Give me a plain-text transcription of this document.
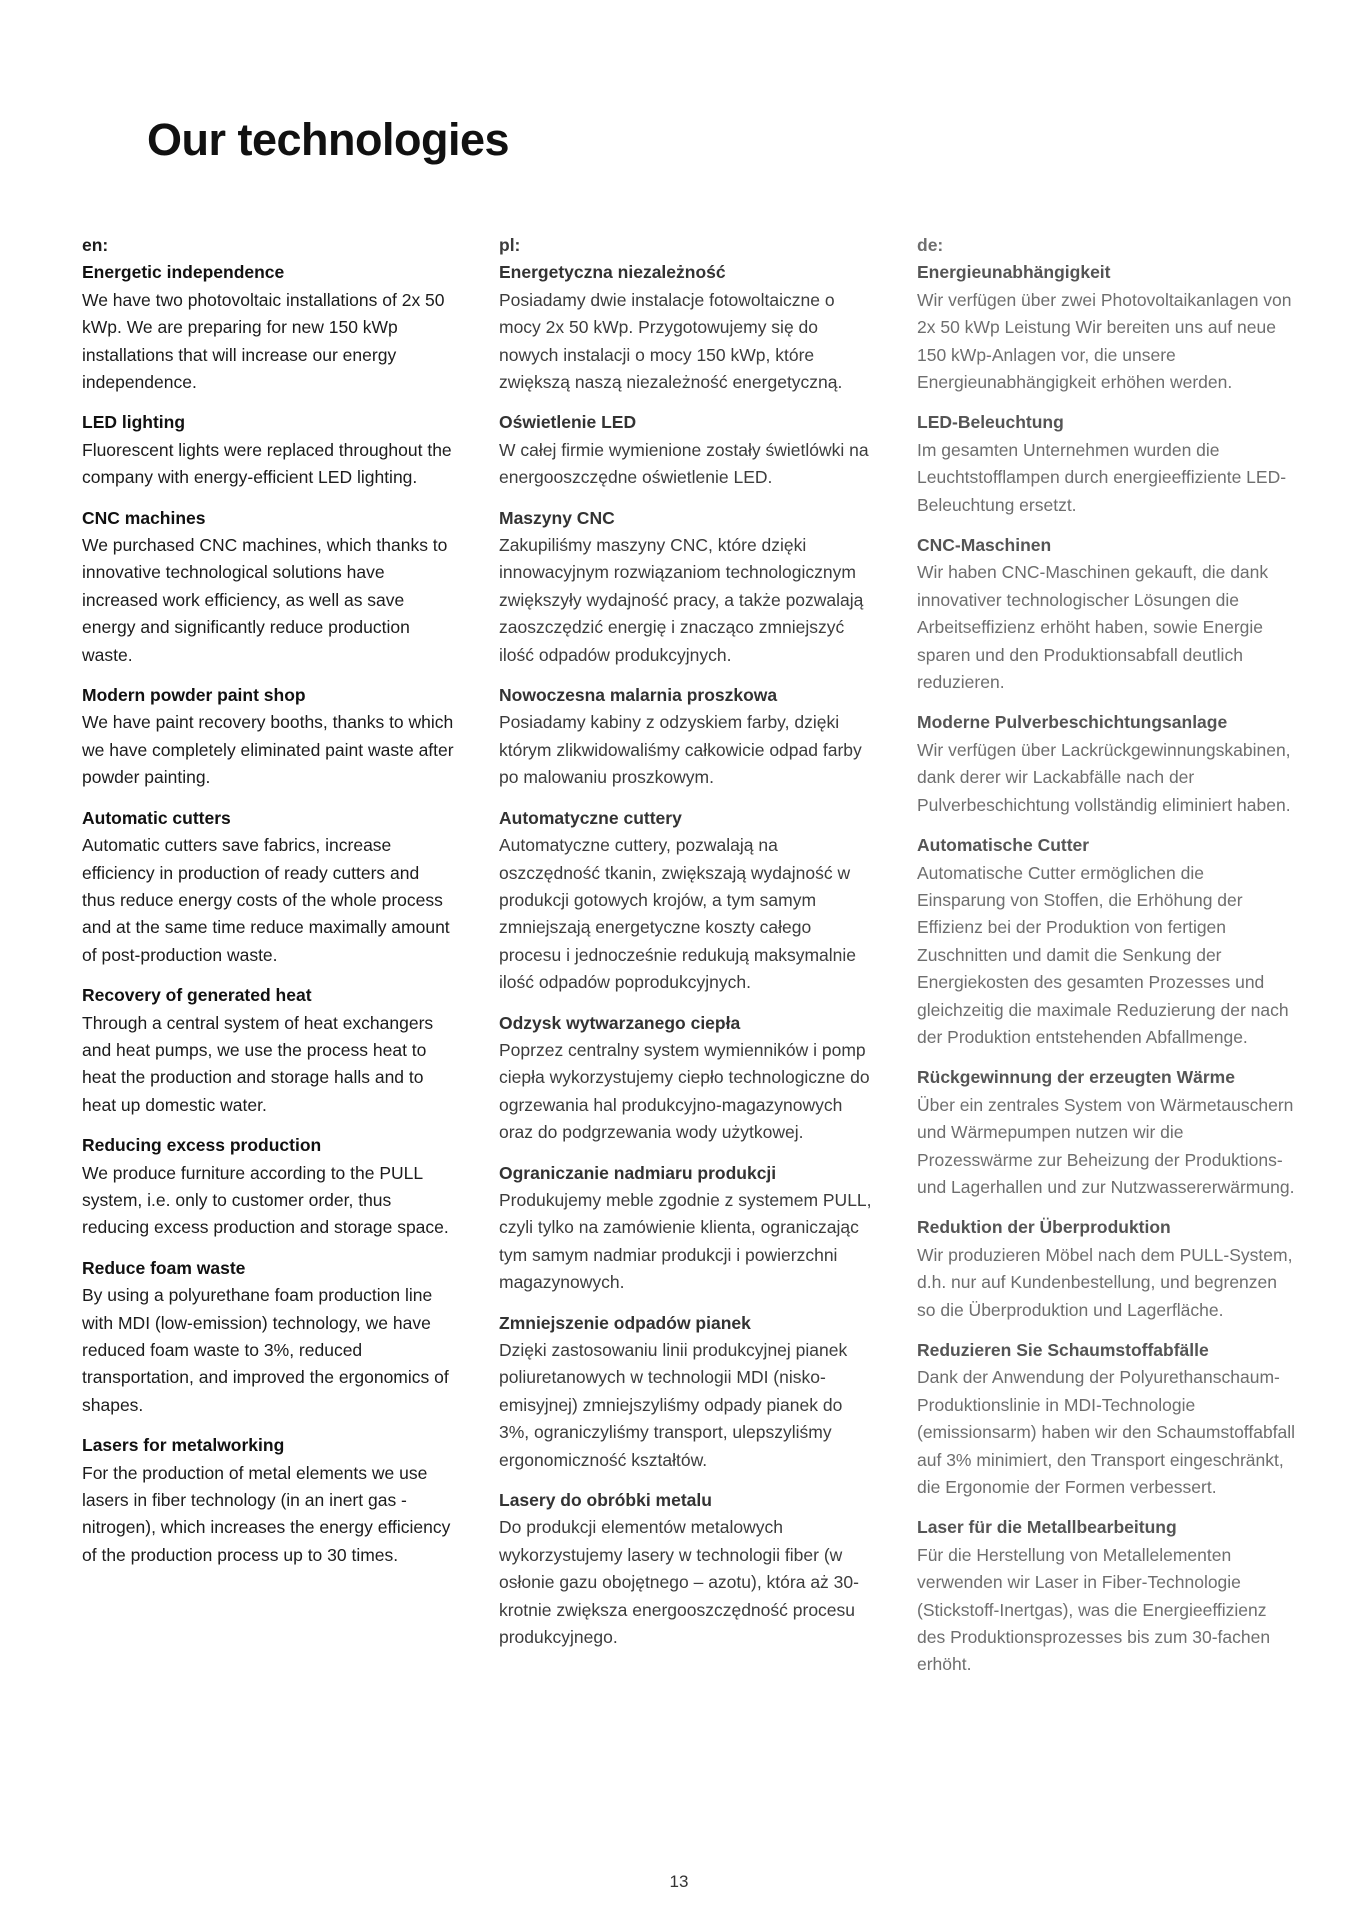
Our technologies

en:

Energetic independence

We have two photovoltaic installations of 2x 50 kWp. We are preparing for new 150 kWp installations that will increase our energy independence.

LED lighting

Fluorescent lights were replaced throughout the company with energy-efficient LED lighting.

CNC machines

We purchased CNC machines, which thanks to innovative technological solutions have increased work efficiency, as well as save energy and significantly reduce production waste.

Modern powder paint shop

We have paint recovery booths, thanks to which we have completely eliminated paint waste after powder painting.

Automatic cutters

Automatic cutters save fabrics, increase efficiency in production of ready cutters and thus reduce energy costs of the whole process and at the same time reduce maximally amount of post-production waste.

Recovery of generated heat

Through a central system of heat exchangers and heat pumps, we use the process heat to heat the production and storage halls and to heat up domestic water.

Reducing excess production

We produce furniture according to the PULL system, i.e. only to customer order, thus reducing excess production and storage space.

Reduce foam waste

By using a polyurethane foam production line with MDI (low-emission) technology, we have reduced foam waste to 3%, reduced transportation, and improved the ergonomics of shapes.

Lasers for metalworking

For the production of metal elements we use lasers in fiber technology (in an inert gas - nitrogen), which increases the energy efficiency of the production process up to 30 times.

pl:

Energetyczna niezależność

Posiadamy dwie instalacje fotowoltaiczne o mocy 2x 50 kWp. Przygotowujemy się do nowych instalacji o mocy 150 kWp, które zwiększą naszą niezależność energetyczną.

Oświetlenie LED

W całej firmie wymienione zostały świetlówki na energooszczędne oświetlenie LED.

Maszyny CNC

Zakupiliśmy maszyny CNC, które dzięki innowacyjnym rozwiązaniom technologicznym zwiększyły wydajność pracy, a także pozwalają zaoszczędzić energię i znacząco zmniejszyć ilość odpadów produkcyjnych.

Nowoczesna malarnia proszkowa

Posiadamy kabiny z odzyskiem farby, dzięki którym zlikwidowaliśmy całkowicie odpad farby po malowaniu proszkowym.

Automatyczne cuttery

Automatyczne cuttery, pozwalają na oszczędność tkanin, zwiększają wydajność w produkcji gotowych krojów, a tym samym zmniejszają energetyczne koszty całego procesu i jednocześnie redukują maksymalnie ilość odpadów poprodukcyjnych.

Odzysk wytwarzanego ciepła

Poprzez centralny system wymienników i pomp ciepła wykorzystujemy ciepło technologiczne do ogrzewania hal produkcyjno-magazynowych oraz do podgrzewania wody użytkowej.

Ograniczanie nadmiaru produkcji

Produkujemy meble zgodnie z systemem PULL, czyli tylko na zamówienie klienta, ograniczając tym samym nadmiar produkcji i powierzchni magazynowych.

Zmniejszenie odpadów pianek

Dzięki zastosowaniu linii produkcyjnej pianek poliuretanowych w technologii MDI (nisko-emisyjnej) zmniejszyliśmy odpady pianek do 3%, ograniczyliśmy transport, ulepszyliśmy ergonomiczność kształtów.

Lasery do obróbki metalu

Do produkcji elementów metalowych wykorzystujemy lasery w technologii fiber (w osłonie gazu obojętnego – azotu), która aż 30-krotnie zwiększa energooszczędność procesu produkcyjnego.

de:

Energieunabhängigkeit

Wir verfügen über zwei Photovoltaikanlagen von 2x 50 kWp Leistung Wir bereiten uns auf neue 150 kWp-Anlagen vor, die unsere Energieunabhängigkeit erhöhen werden.

LED-Beleuchtung

Im gesamten Unternehmen wurden die Leuchtstofflampen durch energieeffiziente LED-Beleuchtung ersetzt.

CNC-Maschinen

Wir haben CNC-Maschinen gekauft, die dank innovativer technologischer Lösungen die Arbeitseffizienz erhöht haben, sowie Energie sparen und den Produktionsabfall deutlich reduzieren.

Moderne Pulverbeschichtungsanlage

Wir verfügen über Lackrückgewinnungskabinen, dank derer wir Lackabfälle nach der Pulverbeschichtung vollständig eliminiert haben.

Automatische Cutter

Automatische Cutter ermöglichen die Einsparung von Stoffen, die Erhöhung der Effizienz bei der Produktion von fertigen Zuschnitten und damit die Senkung der Energiekosten des gesamten Prozesses und gleichzeitig die maximale Reduzierung der nach der Produktion entstehenden Abfallmenge.

Rückgewinnung der erzeugten Wärme

Über ein zentrales System von Wärmetauschern und Wärmepumpen nutzen wir die Prozesswärme zur Beheizung der Produktions- und Lagerhallen und zur Nutzwassererwärmung.

Reduktion der Überproduktion

Wir produzieren Möbel nach dem PULL-System, d.h. nur auf Kundenbestellung, und begrenzen so die Überproduktion und Lagerfläche.

Reduzieren Sie Schaumstoffabfälle

Dank der Anwendung der Polyurethanschaum-Produktionslinie in MDI-Technologie (emissionsarm) haben wir den Schaumstoffabfall auf 3% minimiert, den Transport eingeschränkt, die Ergonomie der Formen verbessert.

Laser für die Metallbearbeitung

Für die Herstellung von Metallelementen verwenden wir Laser in Fiber-Technologie (Stickstoff-Inertgas), was die Energieeffizienz des Produktionsprozesses bis zum 30-fachen erhöht.

13
